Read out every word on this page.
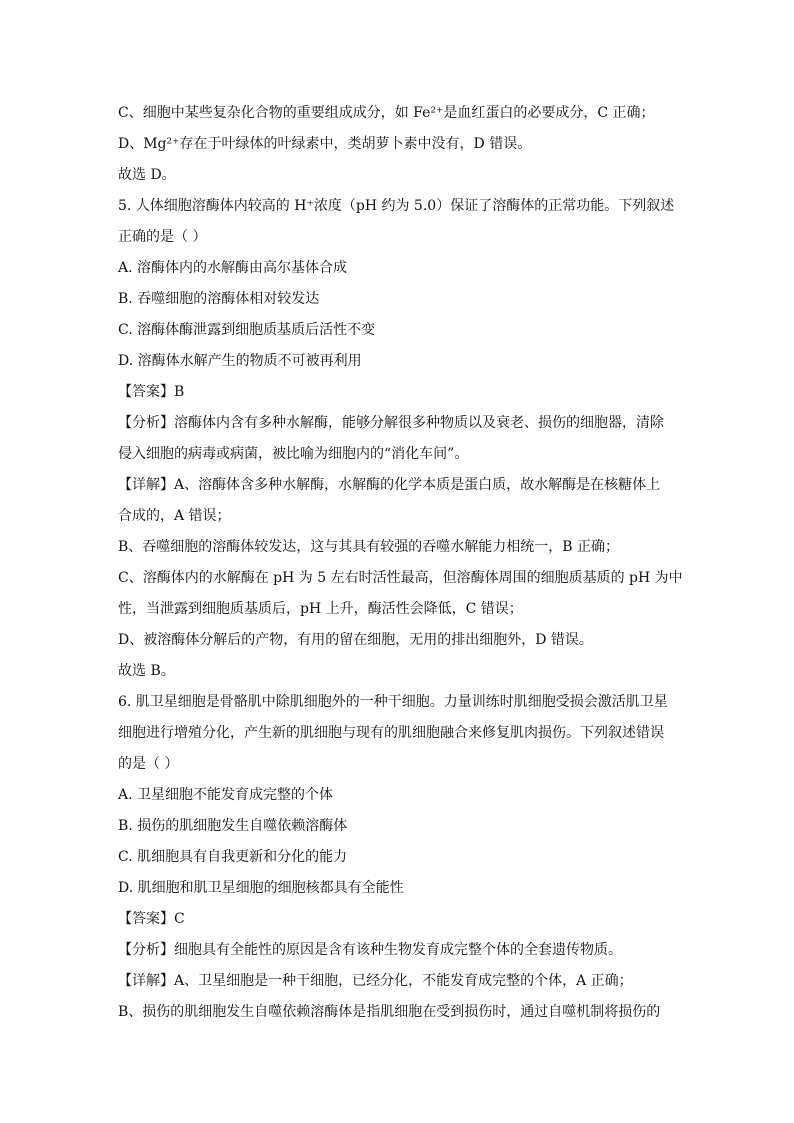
C、细胞中某些复杂化合物的重要组成成分，如 Fe²⁺是血红蛋白的必要成分，C 正确；
D、Mg²⁺存在于叶绿体的叶绿素中，类胡萝卜素中没有，D 错误。
故选 D。
5. 人体细胞溶酶体内较高的 H⁺浓度（pH 约为 5.0）保证了溶酶体的正常功能。下列叙述
正确的是（ ）
A. 溶酶体内的水解酶由高尔基体合成
B. 吞噬细胞的溶酶体相对较发达
C. 溶酶体酶泄露到细胞质基质后活性不变
D. 溶酶体水解产生的物质不可被再利用
【答案】B
【分析】溶酶体内含有多种水解酶，能够分解很多种物质以及衰老、损伤的细胞器，清除
侵入细胞的病毒或病菌，被比喻为细胞内的“消化车间”。
【详解】A、溶酶体含多种水解酶，水解酶的化学本质是蛋白质，故水解酶是在核糖体上
合成的，A 错误；
B、吞噬细胞的溶酶体较发达，这与其具有较强的吞噬水解能力相统一，B 正确；
C、溶酶体内的水解酶在 pH 为 5 左右时活性最高，但溶酶体周围的细胞质基质的 pH 为中
性，当泄露到细胞质基质后，pH 上升，酶活性会降低，C 错误；
D、被溶酶体分解后的产物，有用的留在细胞，无用的排出细胞外，D 错误。
故选 B。
6. 肌卫星细胞是骨骼肌中除肌细胞外的一种干细胞。力量训练时肌细胞受损会激活肌卫星
细胞进行增殖分化，产生新的肌细胞与现有的肌细胞融合来修复肌肉损伤。下列叙述错误
的是（ ）
A. 卫星细胞不能发育成完整的个体
B. 损伤的肌细胞发生自噬依赖溶酶体
C. 肌细胞具有自我更新和分化的能力
D. 肌细胞和肌卫星细胞的细胞核都具有全能性
【答案】C
【分析】细胞具有全能性的原因是含有该种生物发育成完整个体的全套遗传物质。
【详解】A、卫星细胞是一种干细胞，已经分化，不能发育成完整的个体，A 正确；
B、损伤的肌细胞发生自噬依赖溶酶体是指肌细胞在受到损伤时，通过自噬机制将损伤的
